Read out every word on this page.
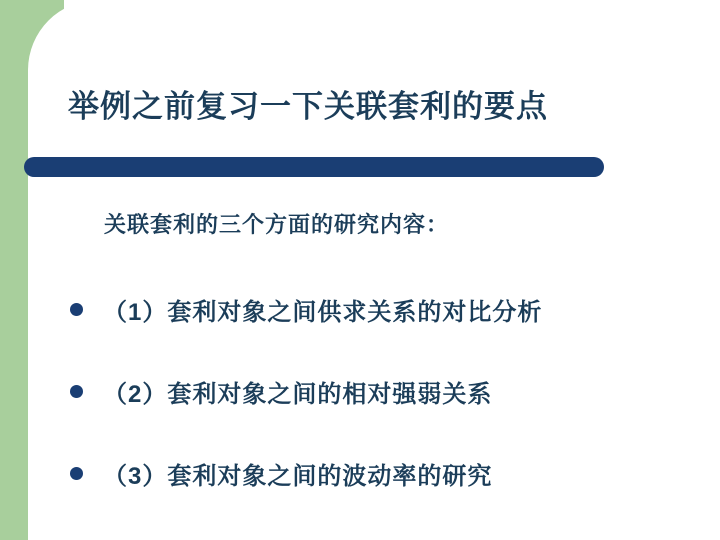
举例之前复习一下关联套利的要点
关联套利的三个方面的研究内容：
（1）套利对象之间供求关系的对比分析
（2）套利对象之间的相对强弱关系
（3）套利对象之间的波动率的研究
